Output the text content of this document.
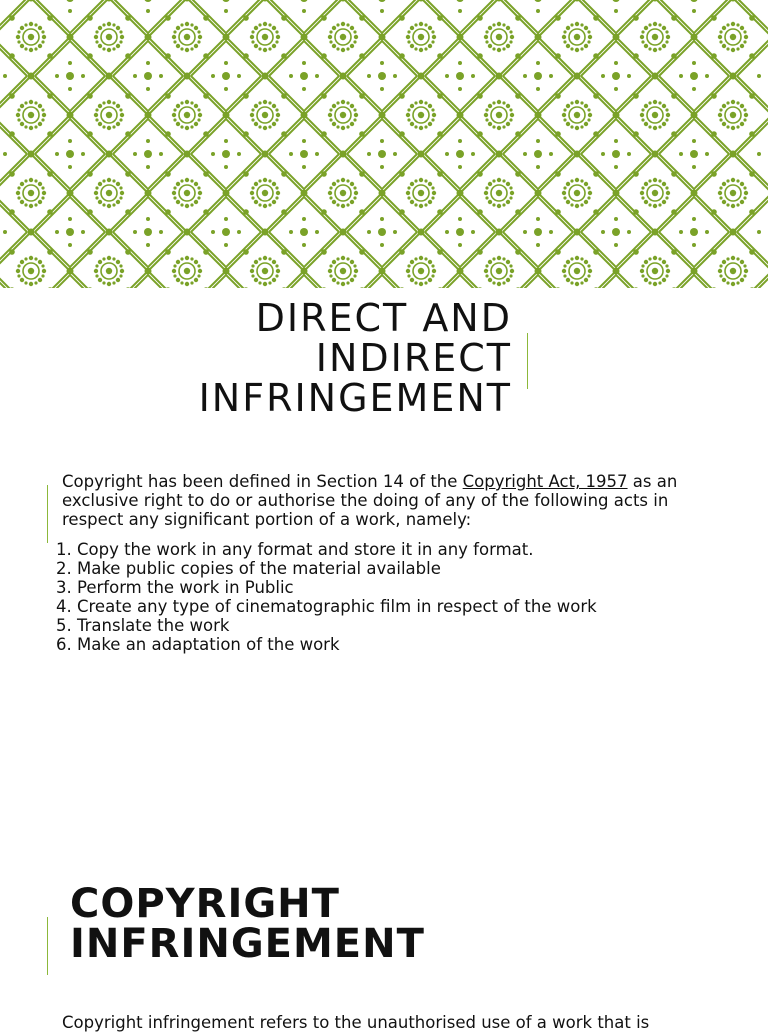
DIRECT AND
INDIRECT
INFRINGEMENT
Copyright has been defined in Section 14 of the Copyright Act, 1957 as an exclusive right to do or authorise the doing of any of the following acts in respect any significant portion of a work, namely:
1. Copy the work in any format and store it in any format.
2. Make public copies of the material available
3. Perform the work in Public
4. Create any type of cinematographic film in respect of the work
5. Translate the work
6. Make an adaptation of the work
COPYRIGHT
INFRINGEMENT
Copyright infringement refers to the unauthorised use of a work that is
